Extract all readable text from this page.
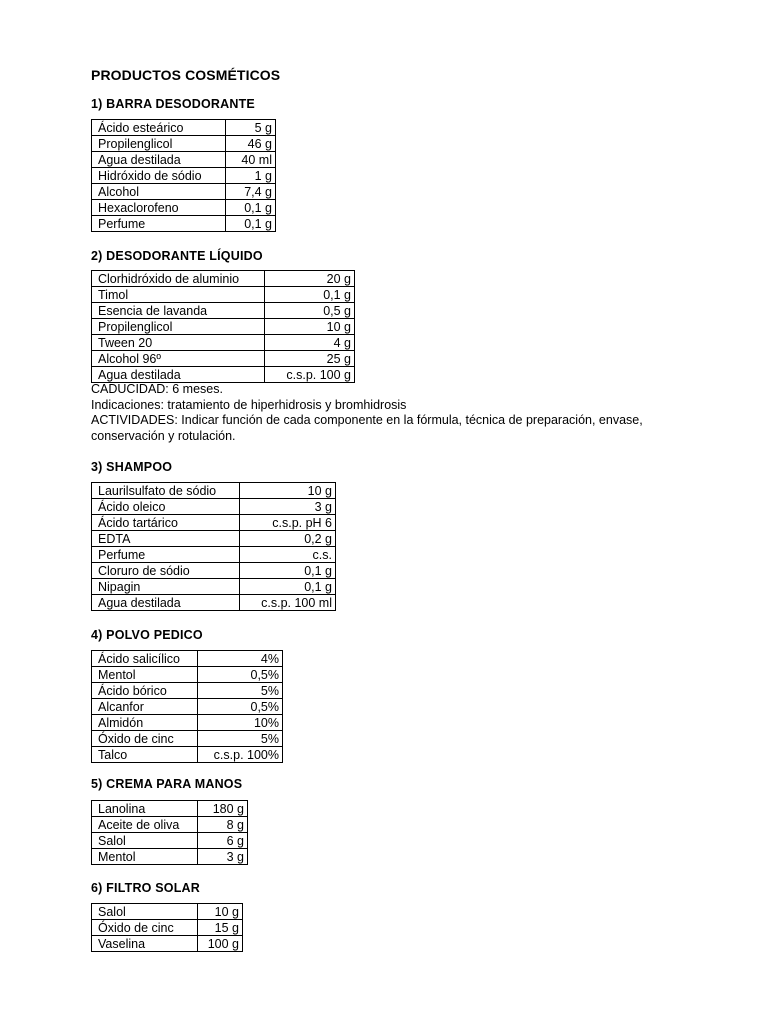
PRODUCTOS COSMÉTICOS
1) BARRA DESODORANTE
Ácido esteárico	5 g
Propilenglicol	46 g
Agua destilada	40 ml
Hidróxido de sódio	1 g
Alcohol	7,4 g
Hexaclorofeno	0,1 g
Perfume	0,1 g
2) DESODORANTE LÍQUIDO
Clorhidróxido de aluminio	20 g
Timol	0,1 g
Esencia de lavanda	0,5 g
Propilenglicol	10 g
Tween 20	4 g
Alcohol 96º	25 g
Agua destilada	c.s.p. 100 g
CADUCIDAD: 6 meses.
Indicaciones: tratamiento de hiperhidrosis y bromhidrosis
ACTIVIDADES: Indicar función de cada componente en la fórmula, técnica de preparación, envase,
conservación y rotulación.
3) SHAMPOO
Laurilsulfato de sódio	10 g
Ácido oleico	3 g
Ácido tartárico	c.s.p. pH 6
EDTA	0,2 g
Perfume	c.s.
Cloruro de sódio	0,1 g
Nipagin	0,1 g
Agua destilada	c.s.p. 100 ml
4) POLVO PEDICO
Ácido salicílico	4%
Mentol	0,5%
Ácido bórico	5%
Alcanfor	0,5%
Almidón	10%
Óxido de cinc	5%
Talco	c.s.p. 100%
5) CREMA PARA MANOS
Lanolina	180 g
Aceite de oliva	8 g
Salol	6 g
Mentol	3 g
6) FILTRO SOLAR
Salol	10 g
Óxido de cinc	15 g
Vaselina	100 g
